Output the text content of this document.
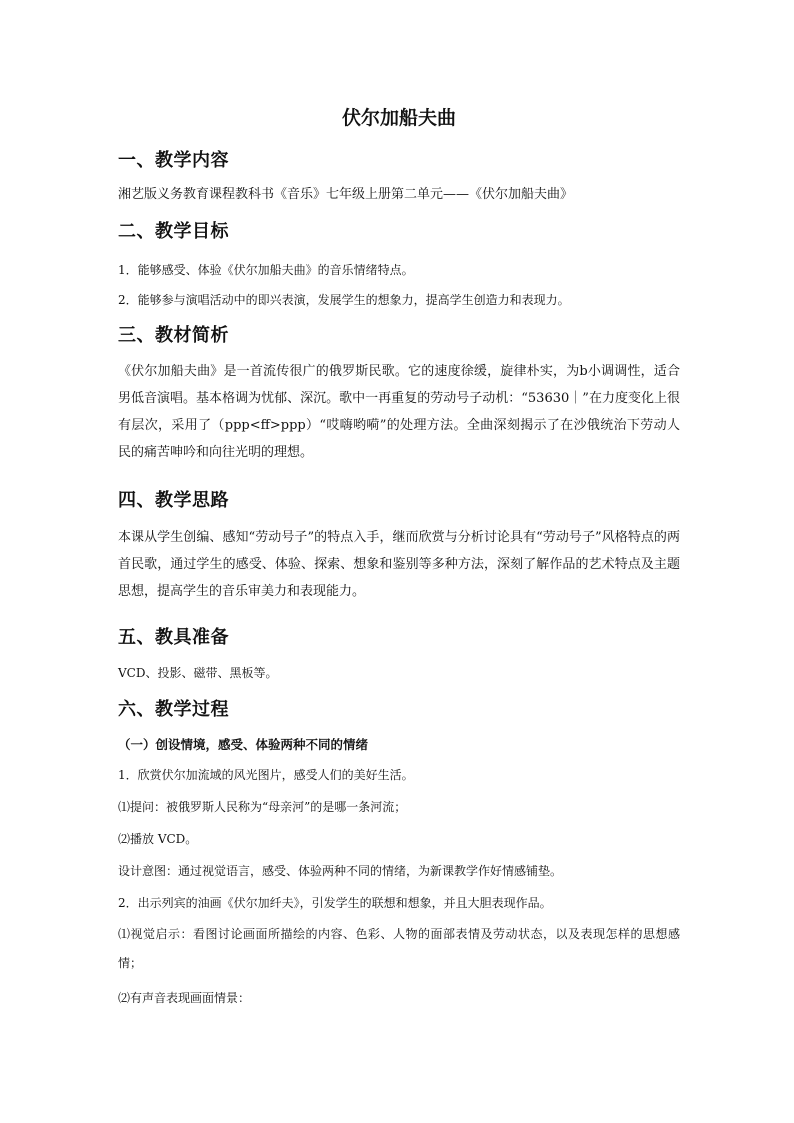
伏尔加船夫曲
一、教学内容
湘艺版义务教育课程教科书《音乐》七年级上册第二单元——《伏尔加船夫曲》
二、教学目标
1．能够感受、体验《伏尔加船夫曲》的音乐情绪特点。
2．能够参与演唱活动中的即兴表演，发展学生的想象力，提高学生创造力和表现力。
三、教材简析
《伏尔加船夫曲》是一首流传很广的俄罗斯民歌。它的速度徐缓，旋律朴实，为b小调调性，适合男低音演唱。基本格调为忧郁、深沉。歌中一再重复的劳动号子动机：“53630｜”在力度变化上很有层次，采用了（ppp<ff>ppp）“哎嗨哟嗬”的处理方法。全曲深刻揭示了在沙俄统治下劳动人民的痛苦呻吟和向往光明的理想。
四、教学思路
本课从学生创编、感知“劳动号子”的特点入手，继而欣赏与分析讨论具有“劳动号子”风格特点的两首民歌，通过学生的感受、体验、探索、想象和鉴别等多种方法，深刻了解作品的艺术特点及主题思想，提高学生的音乐审美力和表现能力。
五、教具准备
VCD、投影、磁带、黑板等。
六、教学过程
（一）创设情境，感受、体验两种不同的情绪
1．欣赏伏尔加流域的风光图片，感受人们的美好生活。
⑴提问：被俄罗斯人民称为“母亲河”的是哪一条河流；
⑵播放 VCD。
设计意图：通过视觉语言，感受、体验两种不同的情绪，为新课教学作好情感铺垫。
2．出示列宾的油画《伏尔加纤夫》，引发学生的联想和想象，并且大胆表现作品。
⑴视觉启示：看图讨论画面所描绘的内容、色彩、人物的面部表情及劳动状态，以及表现怎样的思想感情；
⑵有声音表现画面情景：
